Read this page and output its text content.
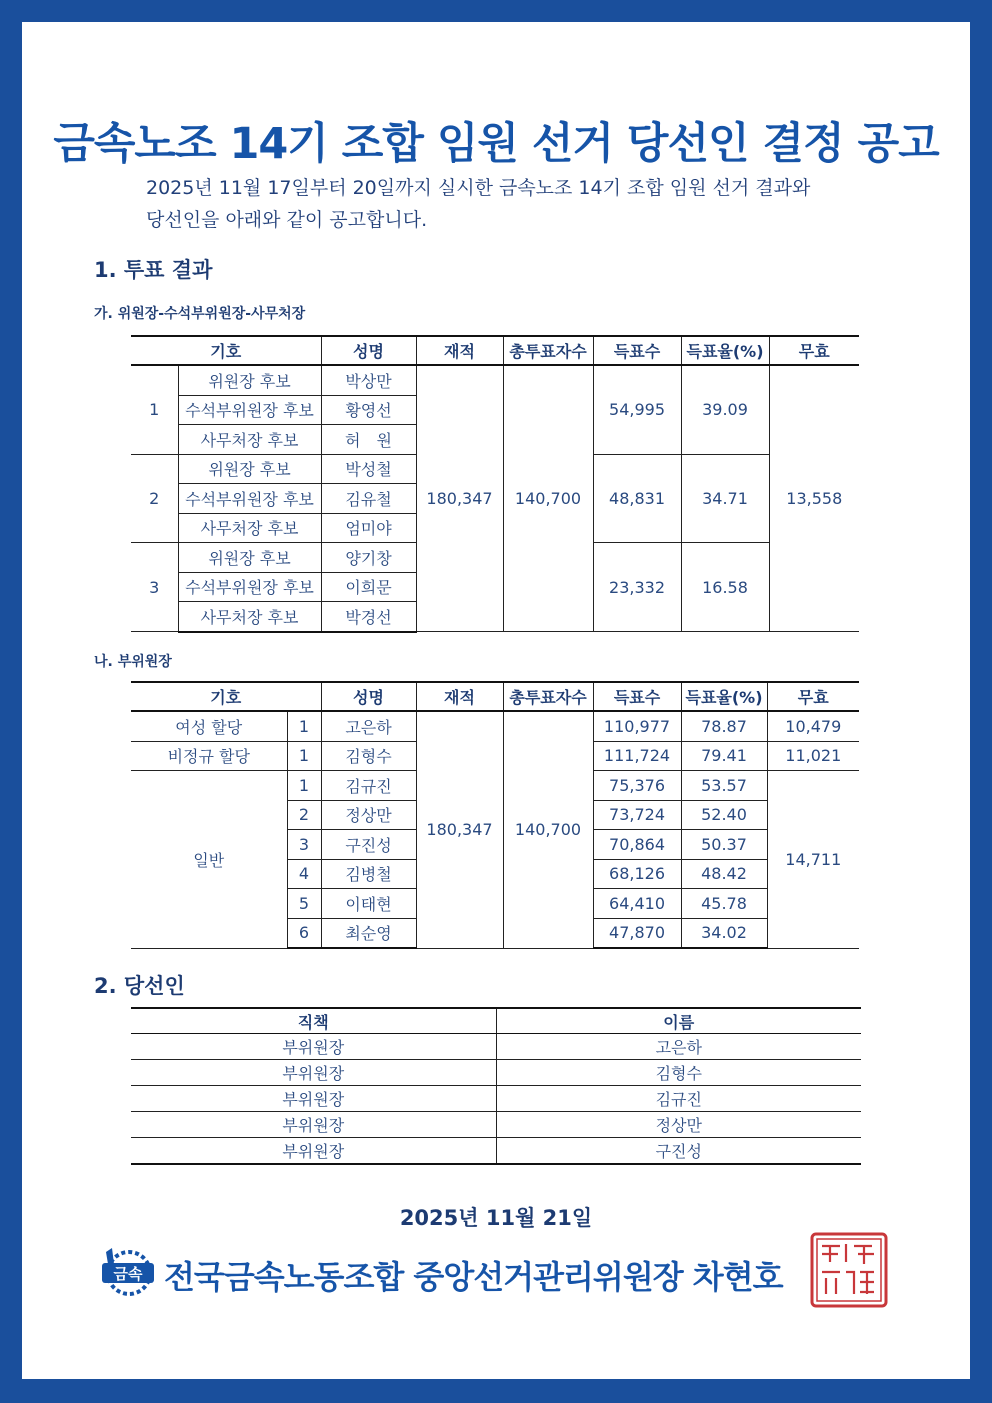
금속노조 14기 조합 임원 선거 당선인 결정 공고
2025년 11월 17일부터 20일까지 실시한 금속노조 14기 조합 임원 선거 결과와
당선인을 아래와 같이 공고합니다.
1. 투표 결과
가. 위원장-수석부위원장-사무처장
기호		성명	재적	총투표자수	득표수	득표율(%)	무효
1	위원장 후보	박상만	180,347	140,700	54,995	39.09	13,558
	수석부위원장 후보	황영선					
	사무처장 후보	허　원					
2	위원장 후보	박성철			48,831	34.71	
	수석부위원장 후보	김유철					
	사무처장 후보	엄미야					
3	위원장 후보	양기창			23,332	16.58	
	수석부위원장 후보	이희문					
	사무처장 후보	박경선					
나. 부위원장
기호		성명	재적	총투표자수	득표수	득표율(%)	무효
여성 할당	1	고은하	180,347	140,700	110,977	78.87	10,479
비정규 할당	1	김형수			111,724	79.41	11,021
일반	1	김규진			75,376	53.57	14,711
	2	정상만			73,724	52.40	
	3	구진성			70,864	50.37	
	4	김병철			68,126	48.42	
	5	이태현			64,410	45.78	
	6	최순영			47,870	34.02	
2. 당선인
직책	이름
부위원장	고은하
부위원장	김형수
부위원장	김규진
부위원장	정상만
부위원장	구진성
2025년 11월 21일
금속 전국금속노동조합 중앙선거관리위원장 차현호
